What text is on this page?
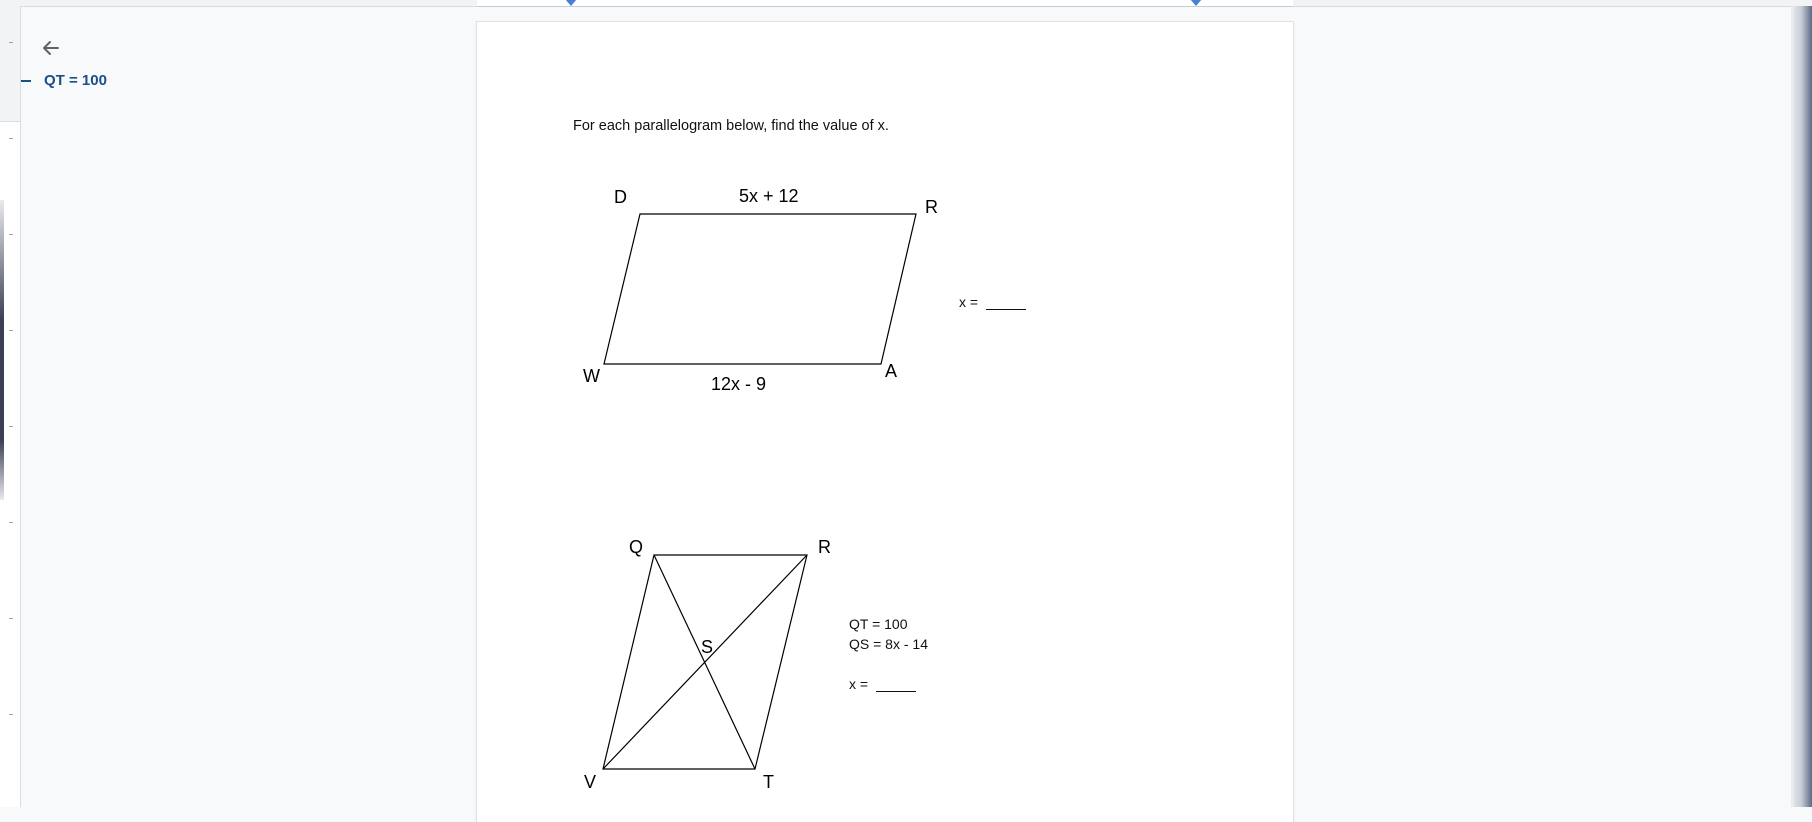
QT = 100
For each parallelogram below, find the value of x.
D	R
W	A
5x + 12
12x - 9
x =
Q	R
V	T
S
QT = 100
QS = 8x - 14
x =
